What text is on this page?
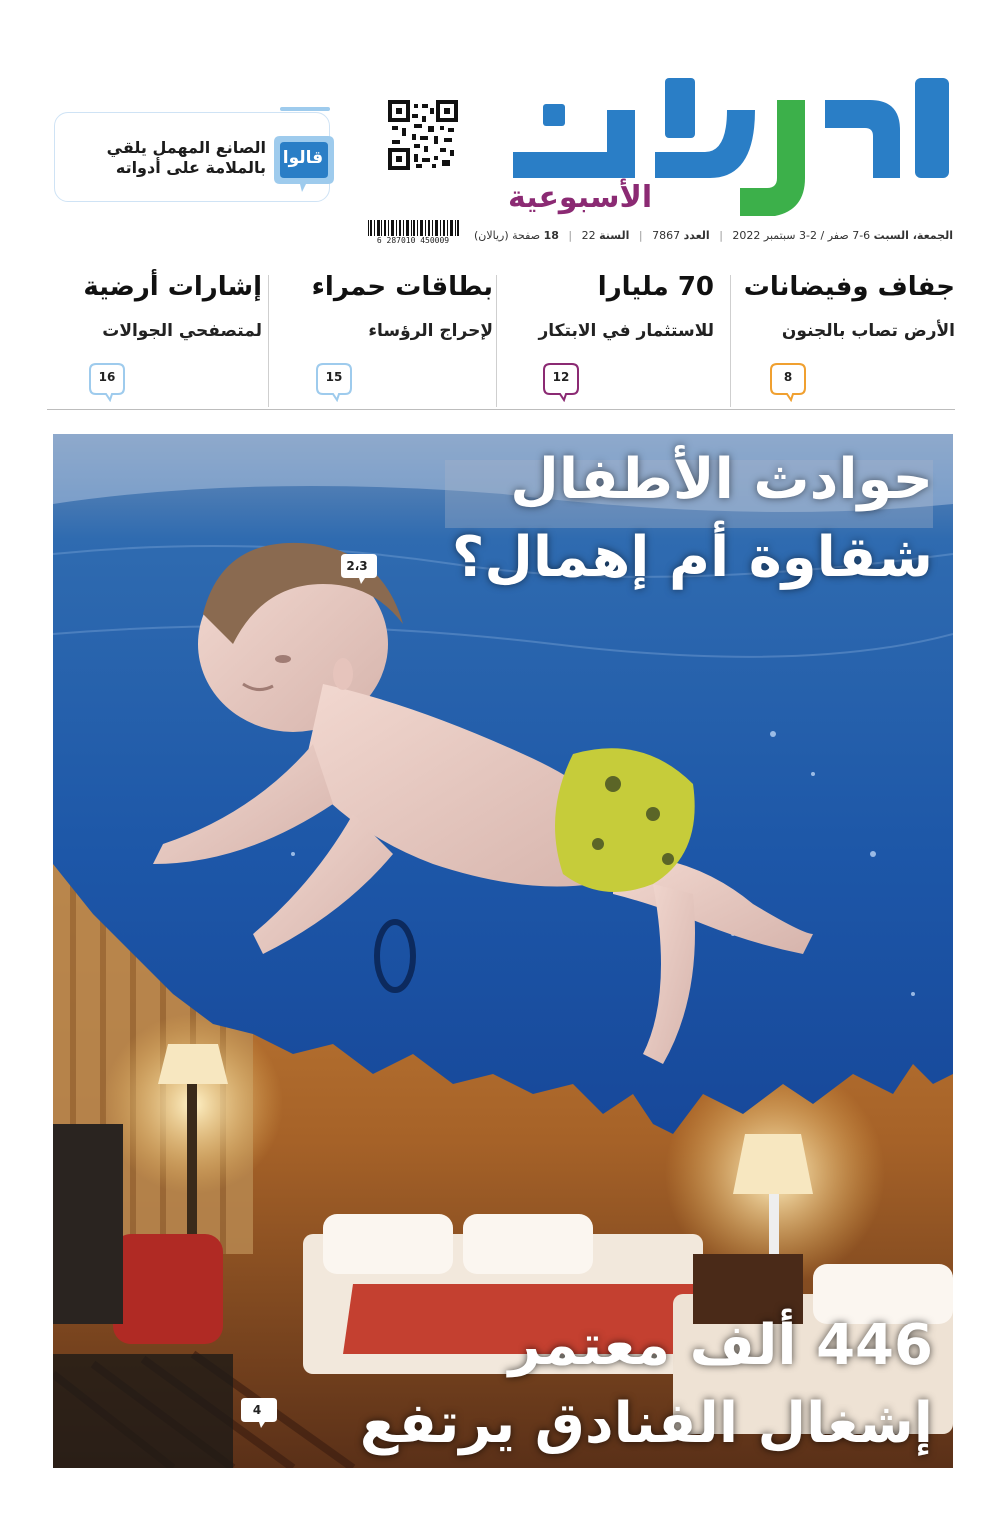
الأسبوعية
الجمعة، السبت 6-7 صفر / 2-3 سبتمبر 2022 | العدد 7867 | السنة 22 | 18 صفحة (ريالان)
6 287010 450009
قالوا
الصانع المهمل يلقي
بالملامة على أدواته
جفاف وفيضانات
الأرض تصاب بالجنون
8
70 مليارا
للاستثمار في الابتكار
12
بطاقات حمراء
لإحراج الرؤساء
15
إشارات أرضية
لمتصفحي الجوالات
16
حوادث الأطفال
شقاوة أم إهمال؟
2،3
446 ألف معتمر
إشغال الفنادق يرتفع
4
